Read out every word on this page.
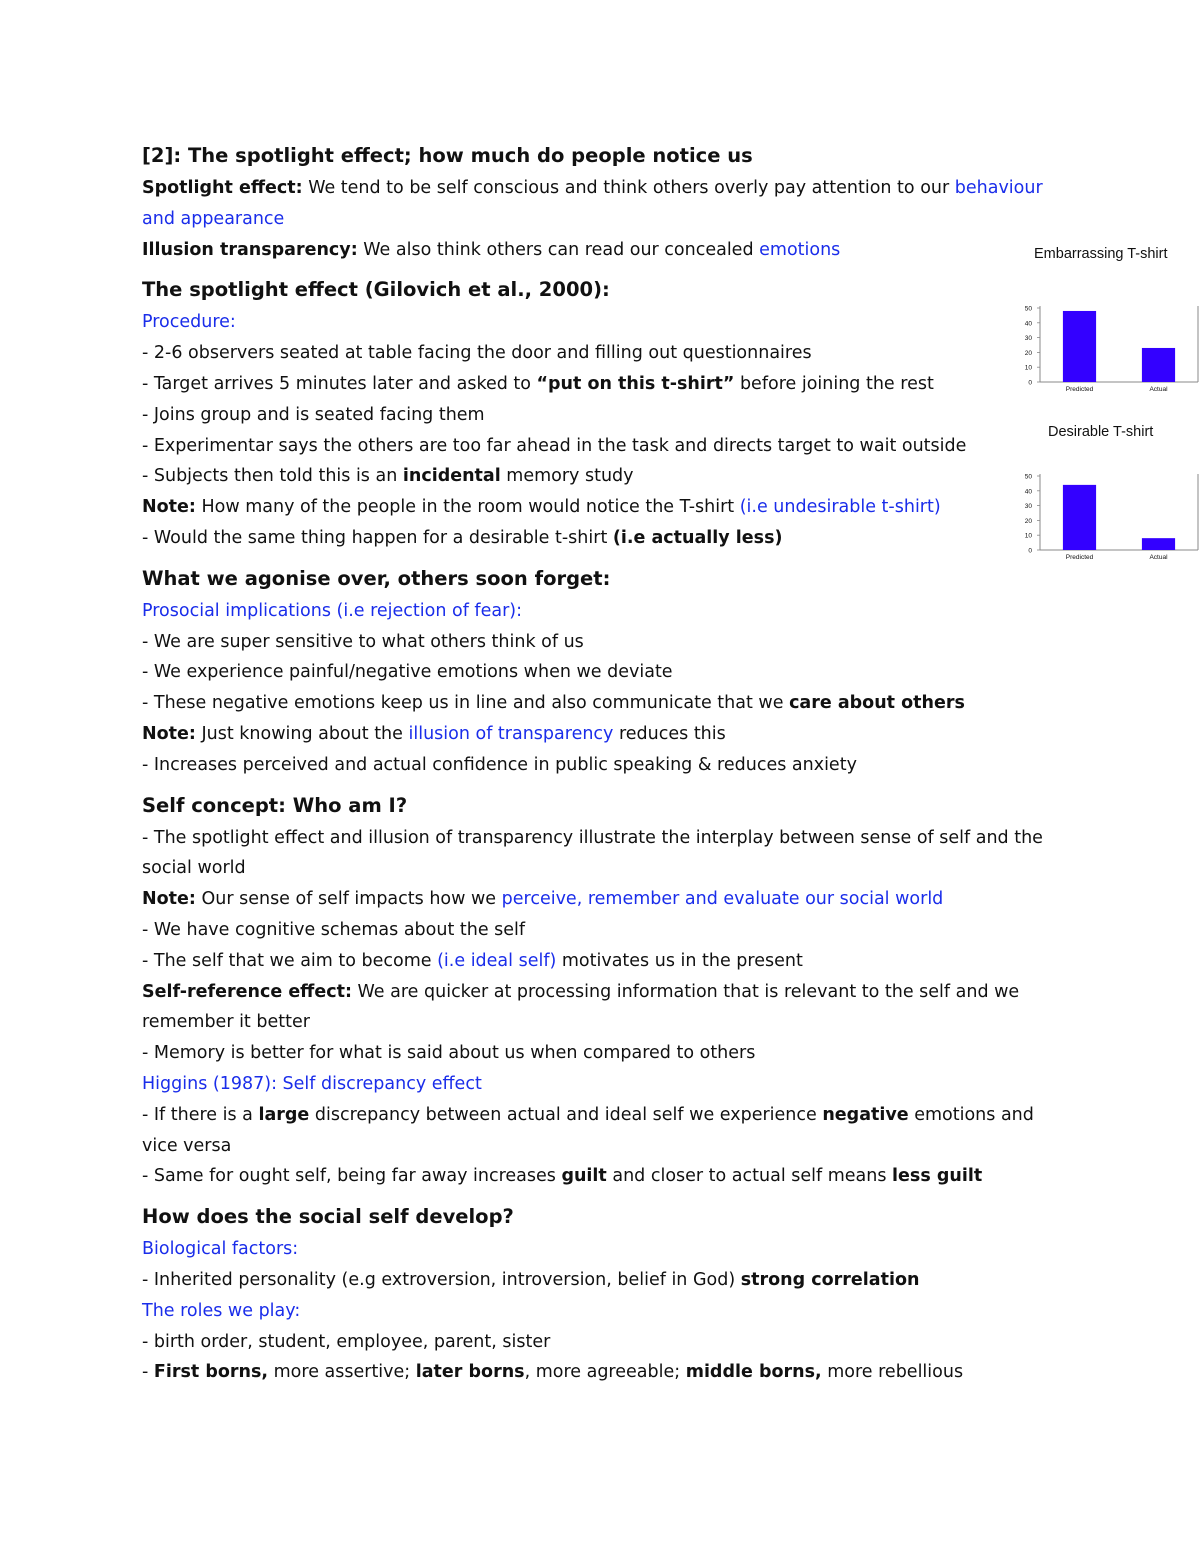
[2]: The spotlight effect; how much do people notice us

Spotlight effect: We tend to be self conscious and think others overly pay attention to our behaviour and appearance

Illusion transparency: We also think others can read our concealed emotions

The spotlight effect (Gilovich et al., 2000):

Procedure:

- 2-6 observers seated at table facing the door and filling out questionnaires

- Target arrives 5 minutes later and asked to “put on this t-shirt” before joining the rest

- Joins group and is seated facing them

- Experimentar says the others are too far ahead in the task and directs target to wait outside

- Subjects then told this is an incidental memory study

Note: How many of the people in the room would notice the T-shirt (i.e undesirable t-shirt)

- Would the same thing happen for a desirable t-shirt (i.e actually less)

What we agonise over, others soon forget:

Prosocial implications (i.e rejection of fear):

- We are super sensitive to what others think of us

- We experience painful/negative emotions when we deviate

- These negative emotions keep us in line and also communicate that we care about others

Note: Just knowing about the illusion of transparency reduces this

- Increases perceived and actual confidence in public speaking & reduces anxiety

Self concept: Who am I?

- The spotlight effect and illusion of transparency illustrate the interplay between sense of self and the social world

Note: Our sense of self impacts how we perceive, remember and evaluate our social world

- We have cognitive schemas about the self

- The self that we aim to become (i.e ideal self) motivates us in the present

Self-reference effect: We are quicker at processing information that is relevant to the self and we remember it better

- Memory is better for what is said about us when compared to others

Higgins (1987): Self discrepancy effect

- If there is a large discrepancy between actual and ideal self we experience negative emotions and vice versa

- Same for ought self, being far away increases guilt and closer to actual self means less guilt

How does the social self develop?

Biological factors:

- Inherited personality (e.g extroversion, introversion, belief in God) strong correlation

The roles we play:

- birth order, student, employee, parent, sister

- First borns, more assertive; later borns, more agreeable; middle borns, more rebellious

Embarrassing T-shirt
0
10
20
30
40
50
Predicted	Actual
Desirable T-shirt
0
10
20
30
40
50
Predicted	Actual
